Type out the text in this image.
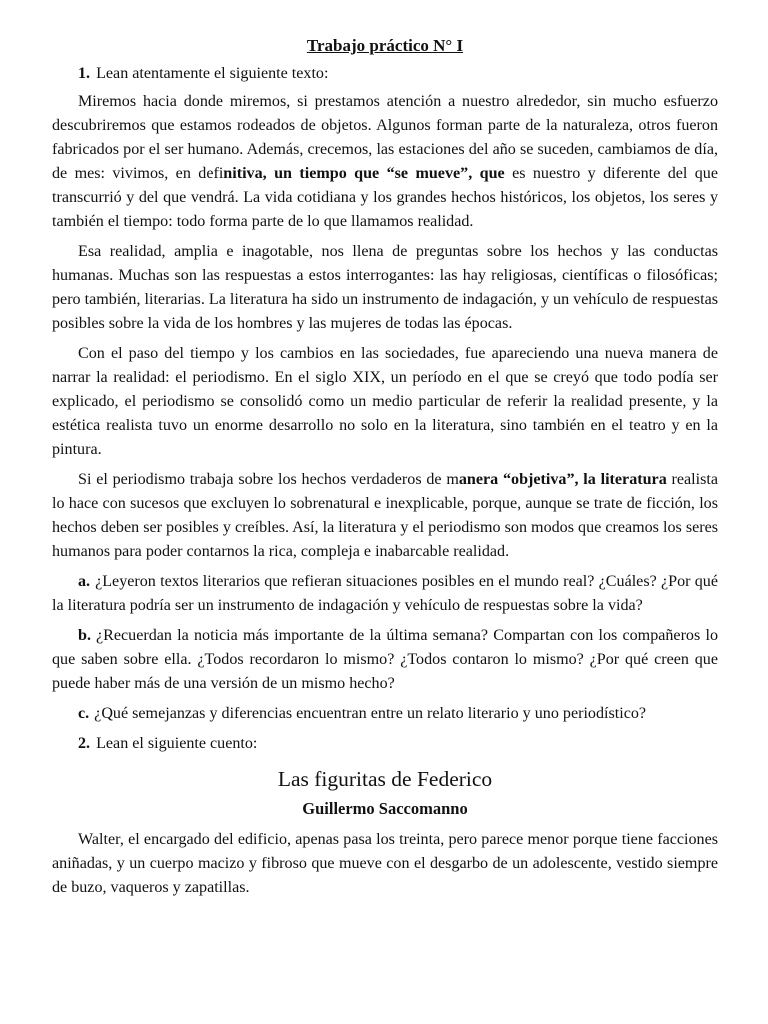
Trabajo práctico N° I
1. Lean atentamente el siguiente texto:

Miremos hacia donde miremos, si prestamos atención a nuestro alrededor, sin mucho esfuerzo descubriremos que estamos rodeados de objetos. Algunos forman parte de la naturaleza, otros fueron fabricados por el ser humano. Además, crecemos, las estaciones del año se suceden, cambiamos de día, de mes: vivimos, en definitiva, un tiempo que “se mueve”, que es nuestro y diferente del que transcurrió y del que vendrá. La vida cotidiana y los grandes hechos históricos, los objetos, los seres y también el tiempo: todo forma parte de lo que llamamos realidad.

Esa realidad, amplia e inagotable, nos llena de preguntas sobre los hechos y las conductas humanas. Muchas son las respuestas a estos interrogantes: las hay religiosas, científicas o filosóficas; pero también, literarias. La literatura ha sido un instrumento de indagación, y un vehículo de respuestas posibles sobre la vida de los hombres y las mujeres de todas las épocas.

Con el paso del tiempo y los cambios en las sociedades, fue apareciendo una nueva manera de narrar la realidad: el periodismo. En el siglo XIX, un período en el que se creyó que todo podía ser explicado, el periodismo se consolidó como un medio particular de referir la realidad presente, y la estética realista tuvo un enorme desarrollo no solo en la literatura, sino también en el teatro y en la pintura.

Si el periodismo trabaja sobre los hechos verdaderos de manera “objetiva”, la literatura realista lo hace con sucesos que excluyen lo sobrenatural e inexplicable, porque, aunque se trate de ficción, los hechos deben ser posibles y creíbles. Así, la literatura y el periodismo son modos que creamos los seres humanos para poder contarnos la rica, compleja e inabarcable realidad.

a. ¿Leyeron textos literarios que refieran situaciones posibles en el mundo real? ¿Cuáles? ¿Por qué la literatura podría ser un instrumento de indagación y vehículo de respuestas sobre la vida?

b. ¿Recuerdan la noticia más importante de la última semana? Compartan con los compañeros lo que saben sobre ella. ¿Todos recordaron lo mismo? ¿Todos contaron lo mismo? ¿Por qué creen que puede haber más de una versión de un mismo hecho?

c. ¿Qué semejanzas y diferencias encuentran entre un relato literario y uno periodístico?

2. Lean el siguiente cuento:
Las figuritas de Federico
Guillermo Saccomanno

Walter, el encargado del edificio, apenas pasa los treinta, pero parece menor porque tiene facciones aniñadas, y un cuerpo macizo y fibroso que mueve con el desgarbo de un adolescente, vestido siempre de buzo, vaqueros y zapatillas.
